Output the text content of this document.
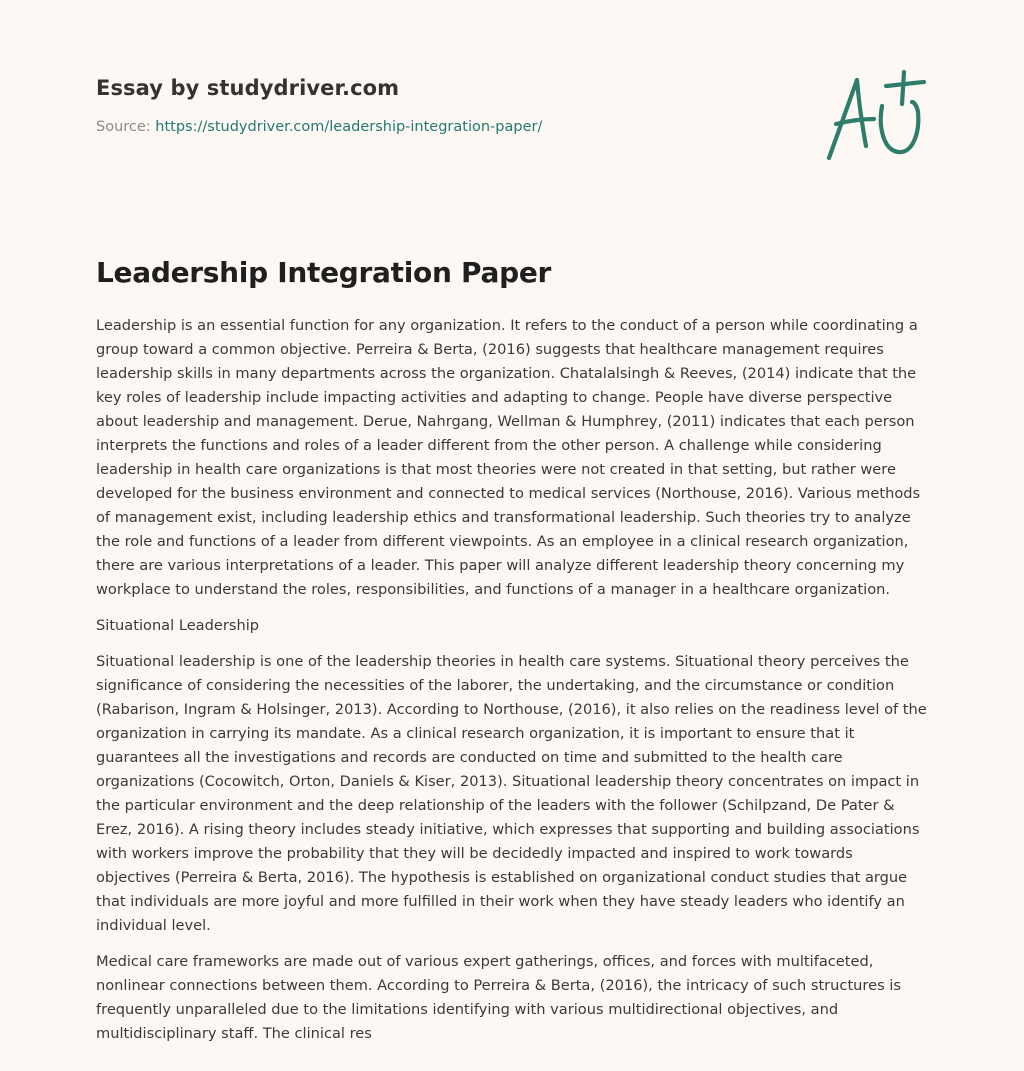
Essay by studydriver.com
Source: https://studydriver.com/leadership-integration-paper/
Leadership Integration Paper

Leadership is an essential function for any organization. It refers to the conduct of a person while coordinating a group toward a common objective. Perreira & Berta, (2016) suggests that healthcare management requires leadership skills in many departments across the organization. Chatalalsingh & Reeves, (2014) indicate that the key roles of leadership include impacting activities and adapting to change. People have diverse perspective about leadership and management. Derue, Nahrgang, Wellman & Humphrey, (2011) indicates that each person interprets the functions and roles of a leader different from the other person. A challenge while considering leadership in health care organizations is that most theories were not created in that setting, but rather were developed for the business environment and connected to medical services (Northouse, 2016). Various methods of management exist, including leadership ethics and transformational leadership. Such theories try to analyze the role and functions of a leader from different viewpoints. As an employee in a clinical research organization, there are various interpretations of a leader. This paper will analyze different leadership theory concerning my workplace to understand the roles, responsibilities, and functions of a manager in a healthcare organization.

Situational Leadership

Situational leadership is one of the leadership theories in health care systems. Situational theory perceives the significance of considering the necessities of the laborer, the undertaking, and the circumstance or condition (Rabarison, Ingram & Holsinger, 2013). According to Northouse, (2016), it also relies on the readiness level of the organization in carrying its mandate. As a clinical research organization, it is important to ensure that it guarantees all the investigations and records are conducted on time and submitted to the health care organizations (Cocowitch, Orton, Daniels & Kiser, 2013). Situational leadership theory concentrates on impact in the particular environment and the deep relationship of the leaders with the follower (Schilpzand, De Pater & Erez, 2016). A rising theory includes steady initiative, which expresses that supporting and building associations with workers improve the probability that they will be decidedly impacted and inspired to work towards objectives (Perreira & Berta, 2016). The hypothesis is established on organizational conduct studies that argue that individuals are more joyful and more fulfilled in their work when they have steady leaders who identify an individual level.

Medical care frameworks are made out of various expert gatherings, offices, and forces with multifaceted, nonlinear connections between them. According to Perreira & Berta, (2016), the intricacy of such structures is frequently unparalleled due to the limitations identifying with various multidirectional objectives, and multidisciplinary staff. The clinical res
